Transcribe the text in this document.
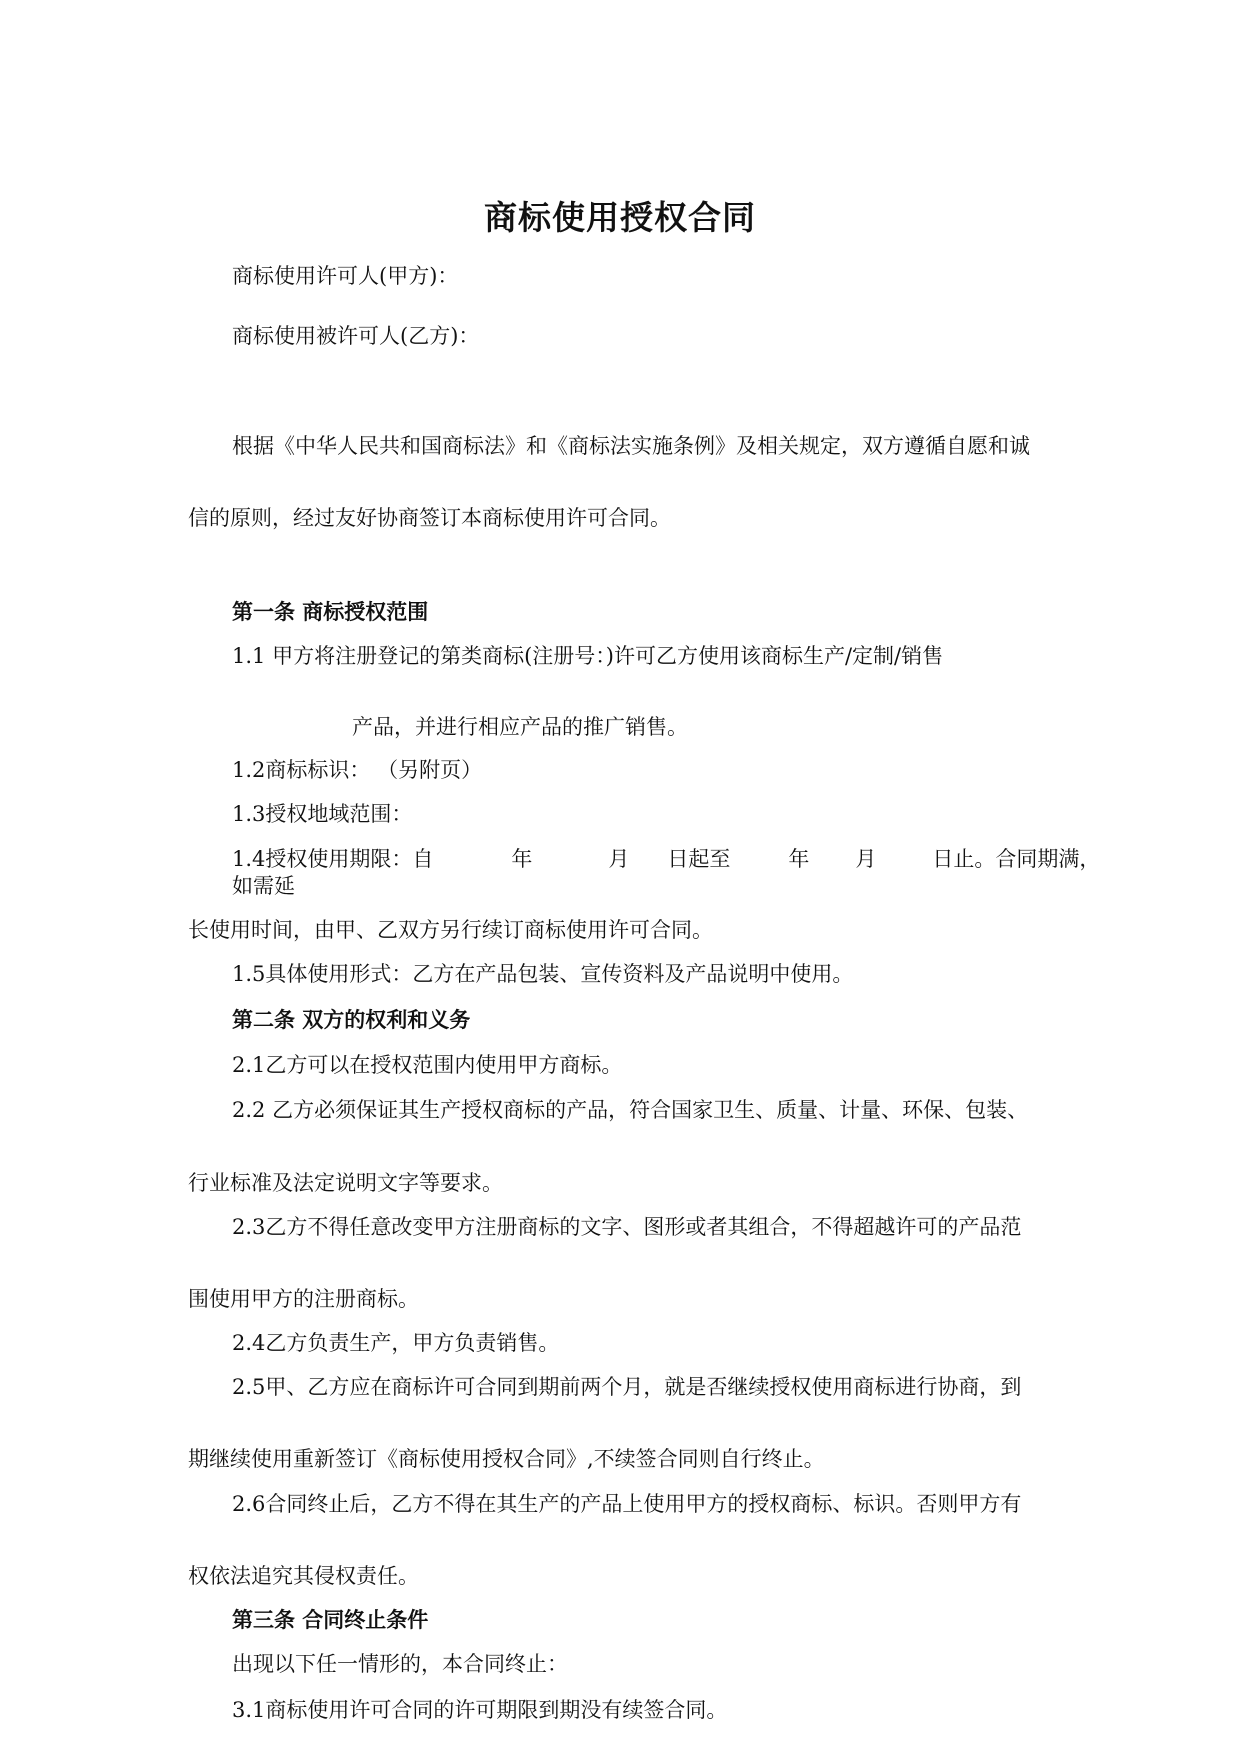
商标使用授权合同
商标使用许可人(甲方)：
商标使用被许可人(乙方)：
根据《中华人民共和国商标法》和《商标法实施条例》及相关规定，双方遵循自愿和诚
信的原则，经过友好协商签订本商标使用许可合同。
第一条 商标授权范围
1.1 甲方将注册登记的第类商标(注册号：)许可乙方使用该商标生产/定制/销售
产品，并进行相应产品的推广销售。
1.2商标标识： （另附页）
1.3授权地域范围：
1.4授权使用期限：自	年	月 日起至	年 月	日止。合同期满，
如需延
长使用时间，由甲、乙双方另行续订商标使用许可合同。
1.5具体使用形式：乙方在产品包装、宣传资料及产品说明中使用。
第二条 双方的权利和义务
2.1乙方可以在授权范围内使用甲方商标。
2.2 乙方必须保证其生产授权商标的产品，符合国家卫生、质量、计量、环保、包装、
行业标准及法定说明文字等要求。
2.3乙方不得任意改变甲方注册商标的文字、图形或者其组合，不得超越许可的产品范
围使用甲方的注册商标。
2.4乙方负责生产，甲方负责销售。
2.5甲、乙方应在商标许可合同到期前两个月，就是否继续授权使用商标进行协商，到
期继续使用重新签订《商标使用授权合同》,不续签合同则自行终止。
2.6合同终止后，乙方不得在其生产的产品上使用甲方的授权商标、标识。否则甲方有
权依法追究其侵权责任。
第三条 合同终止条件
出现以下任一情形的，本合同终止：
3.1商标使用许可合同的许可期限到期没有续签合同。
